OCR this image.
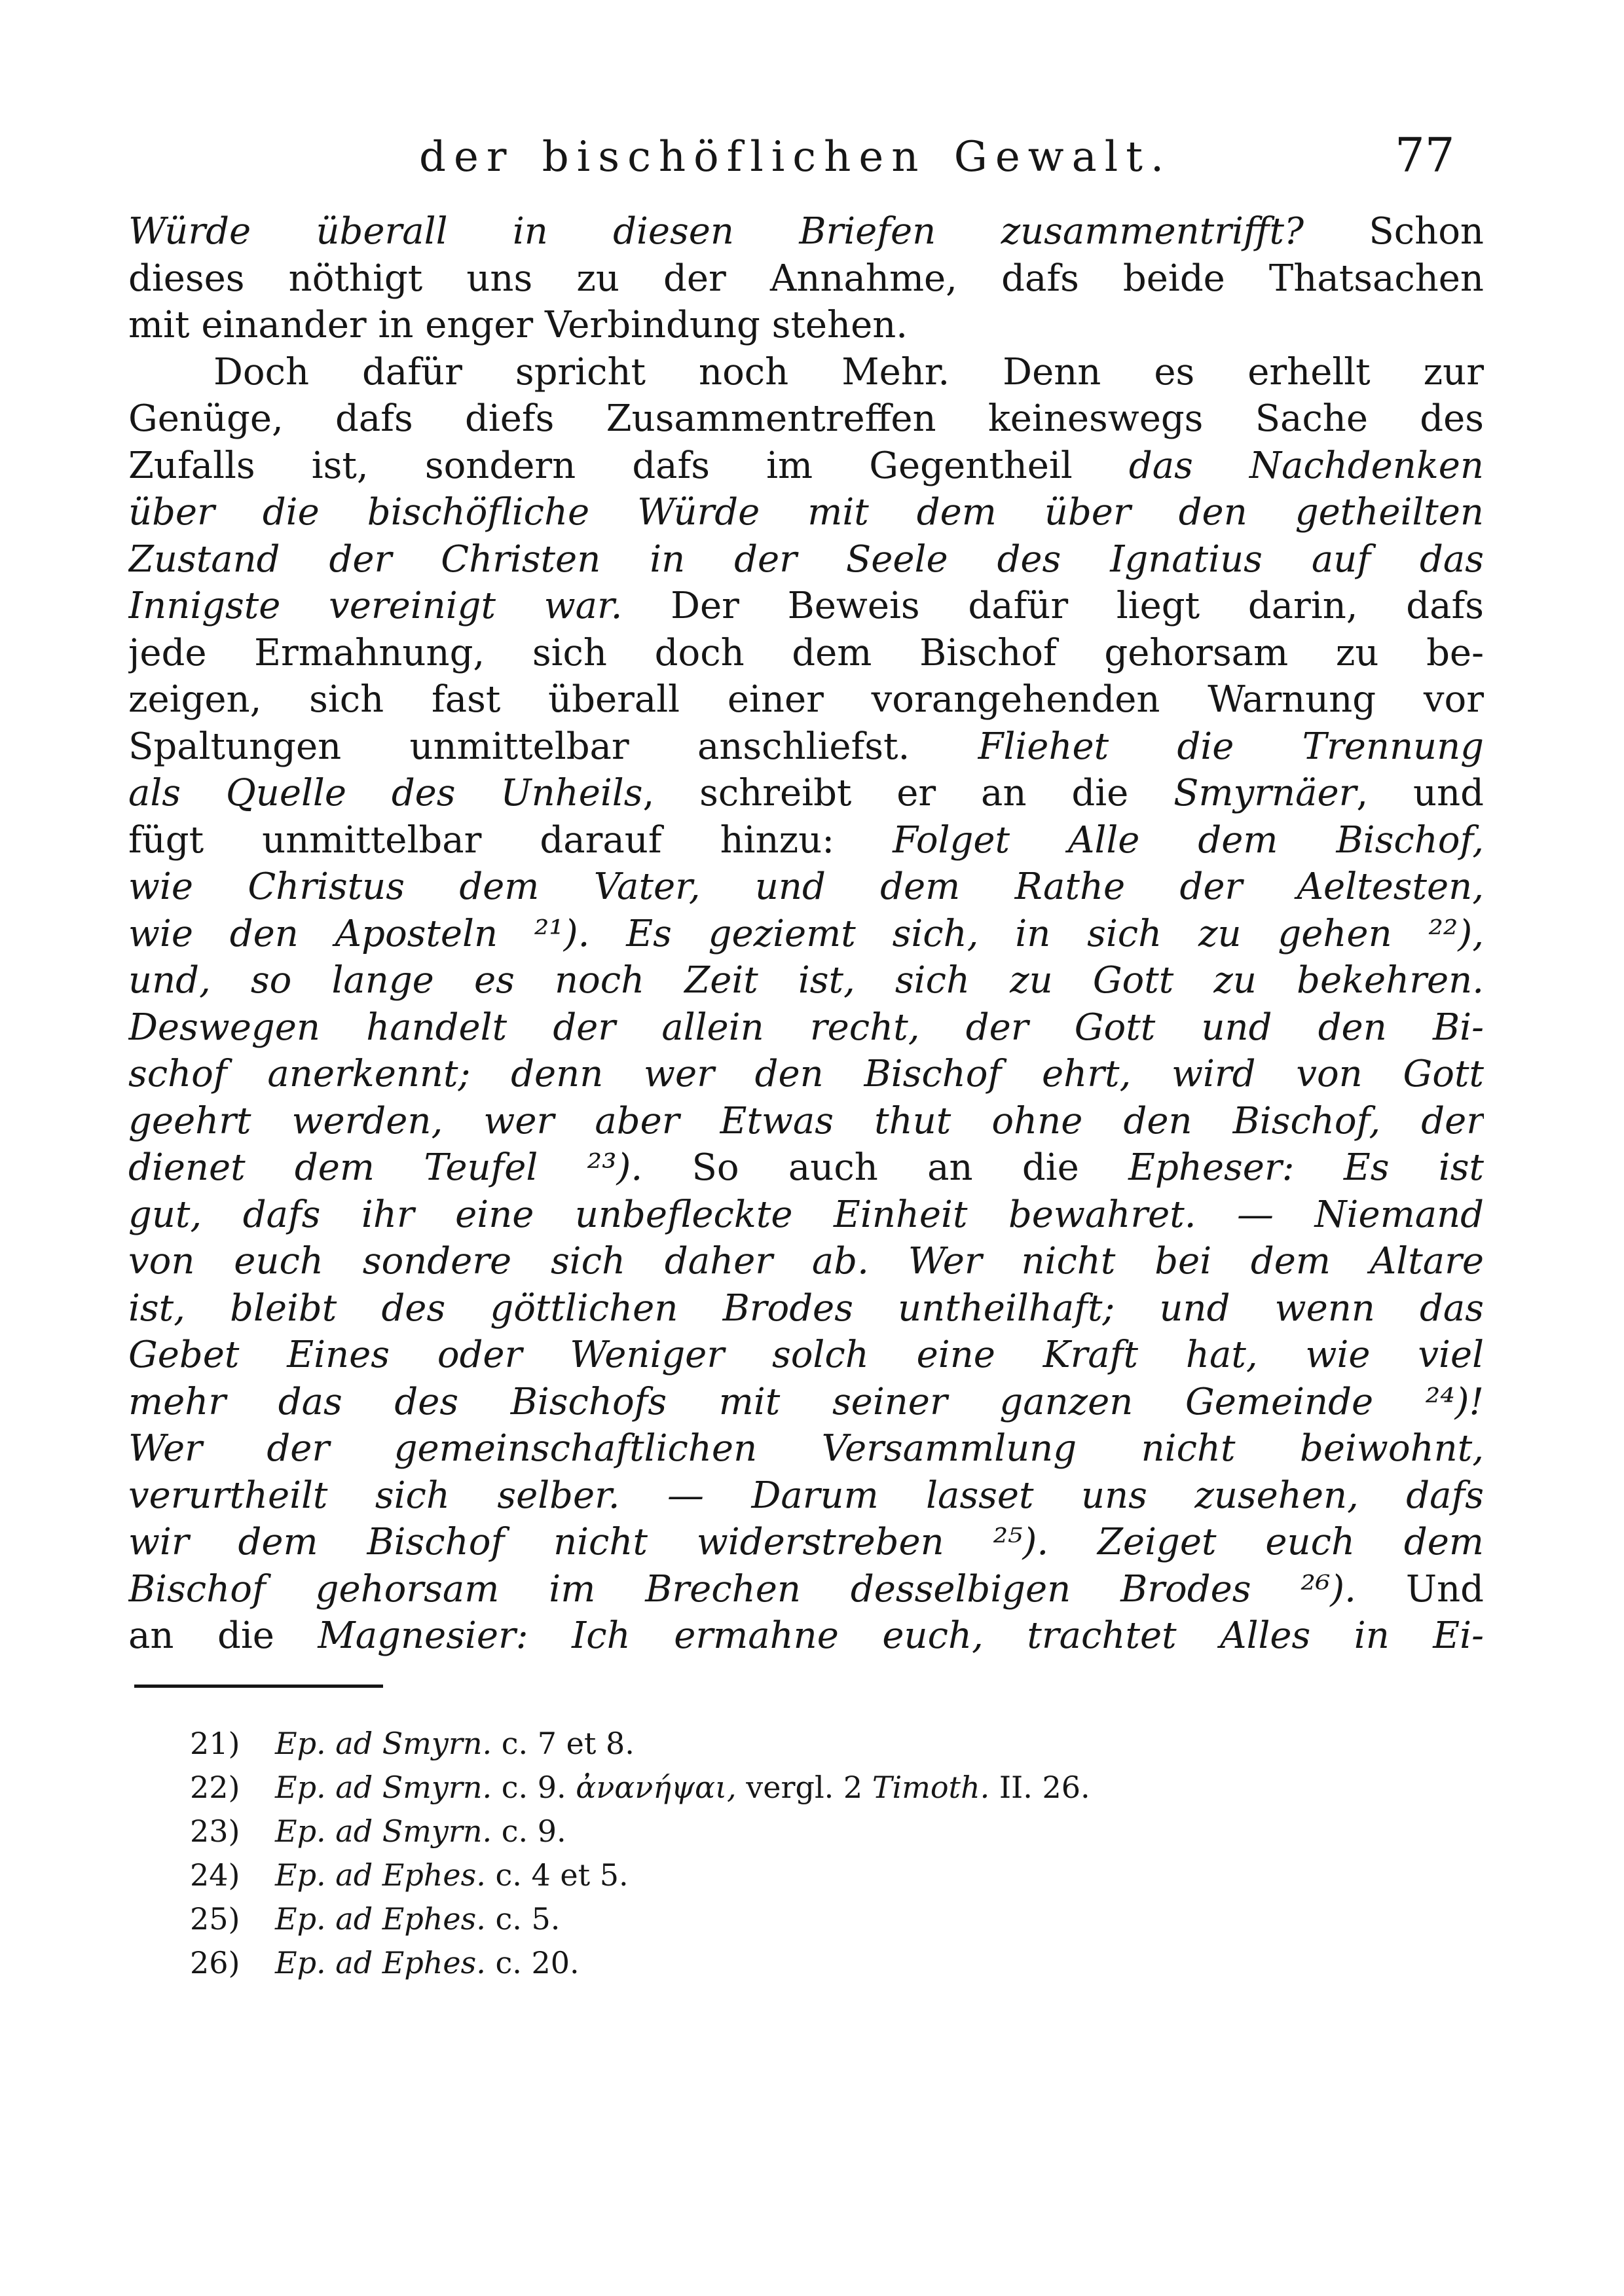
der bischöflichen Gewalt.	77
Würde überall in diesen Briefen zusammentrifft? Schon
dieses nöthigt uns zu der Annahme, dafs beide Thatsachen
mit einander in enger Verbindung stehen.
Doch dafür spricht noch Mehr. Denn es erhellt zur
Genüge, dafs diefs Zusammentreffen keineswegs Sache des
Zufalls ist, sondern dafs im Gegentheil das Nachdenken
über die bischöfliche Würde mit dem über den getheilten
Zustand der Christen in der Seele des Ignatius auf das
Innigste vereinigt war. Der Beweis dafür liegt darin, dafs
jede Ermahnung, sich doch dem Bischof gehorsam zu be-
zeigen, sich fast überall einer vorangehenden Warnung vor
Spaltungen unmittelbar anschliefst. Fliehet die Trennung
als Quelle des Unheils, schreibt er an die Smyrnäer, und
fügt unmittelbar darauf hinzu: Folget Alle dem Bischof,
wie Christus dem Vater, und dem Rathe der Aeltesten,
wie den Aposteln ²¹). Es geziemt sich, in sich zu gehen ²²),
und, so lange es noch Zeit ist, sich zu Gott zu bekehren.
Deswegen handelt der allein recht, der Gott und den Bi-
schof anerkennt; denn wer den Bischof ehrt, wird von Gott
geehrt werden, wer aber Etwas thut ohne den Bischof, der
dienet dem Teufel ²³). So auch an die Epheser: Es ist
gut, dafs ihr eine unbefleckte Einheit bewahret. — Niemand
von euch sondere sich daher ab. Wer nicht bei dem Altare
ist, bleibt des göttlichen Brodes untheilhaft; und wenn das
Gebet Eines oder Weniger solch eine Kraft hat, wie viel
mehr das des Bischofs mit seiner ganzen Gemeinde ²⁴)!
Wer der gemeinschaftlichen Versammlung nicht beiwohnt,
verurtheilt sich selber. — Darum lasset uns zusehen, dafs
wir dem Bischof nicht widerstreben ²⁵). Zeiget euch dem
Bischof gehorsam im Brechen desselbigen Brodes ²⁶). Und
an die Magnesier: Ich ermahne euch, trachtet Alles in Ei-
21) Ep. ad Smyrn. c. 7 et 8.
22) Ep. ad Smyrn. c. 9. ἀνανήψαι, vergl. 2 Timoth. II. 26.
23) Ep. ad Smyrn. c. 9.
24) Ep. ad Ephes. c. 4 et 5.
25) Ep. ad Ephes. c. 5.
26) Ep. ad Ephes. c. 20.
